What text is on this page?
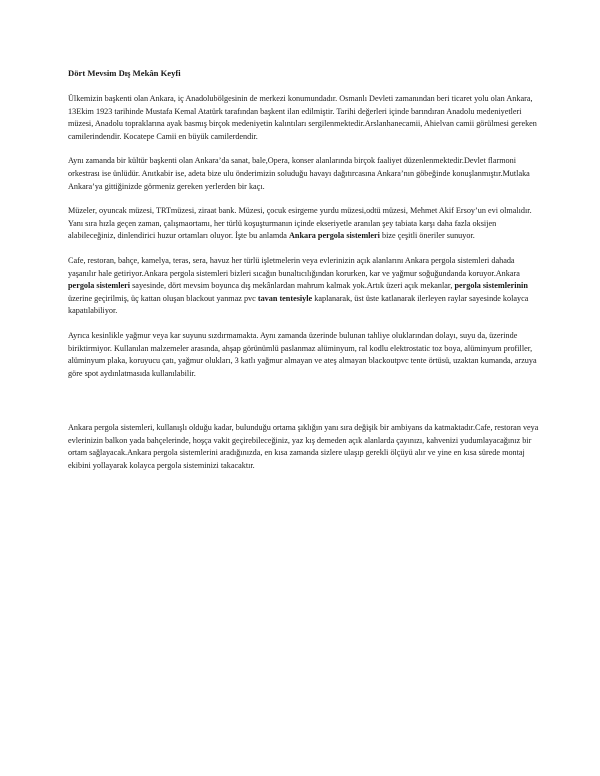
Dört Mevsim Dış Mekân Keyfi

Ülkemizin başkenti olan Ankara, iç Anadolubölgesinin de merkezi konumundadır. Osmanlı Devleti zamanından beri ticaret yolu olan Ankara, 13Ekim 1923 tarihinde Mustafa Kemal Atatürk tarafından başkent ilan edilmiştir. Tarihi değerleri içinde barındıran Anadolu medeniyetleri müzesi, Anadolu topraklarına ayak basmış birçok medeniyetin kalıntıları sergilenmektedir.Arslanhanecamii, Ahielvan camii görülmesi gereken camilerindendir. Kocatepe Camii en büyük camilerdendir.

Aynı zamanda bir kültür başkenti olan Ankara’da sanat, bale,Opera, konser alanlarında birçok faaliyet düzenlenmektedir.Devlet flarmoni orkestrası ise ünlüdür. Anıtkabir ise, adeta bize ulu önderimizin soluduğu havayı dağıtırcasına Ankara’nın göbeğinde konuşlanmıştır.Mutlaka Ankara’ya gittiğinizde görmeniz gereken yerlerden bir kaçı.

Müzeler, oyuncak müzesi, TRTmüzesi, ziraat bank. Müzesi, çocuk esirgeme yurdu müzesi,odtü müzesi, Mehmet Akif Ersoy’un evi olmalıdır. Yanı sıra hızla geçen zaman, çalışmaortamı, her türlü koşuşturmanın içinde ekseriyetle aranılan şey tabiata karşı daha fazla oksijen alabileceğiniz, dinlendirici huzur ortamları oluyor. İşte bu anlamda Ankara pergola sistemleri bize çeşitli öneriler sunuyor.

Cafe, restoran, bahçe, kamelya, teras, sera, havuz her türlü işletmelerin veya evlerinizin açık alanlarını Ankara pergola sistemleri dahada yaşanılır hale getiriyor.Ankara pergola sistemleri bizleri sıcağın bunaltıcılığından korurken, kar ve yağmur soğuğundanda koruyor.Ankara pergola sistemleri sayesinde, dört mevsim boyunca dış mekânlardan mahrum kalmak yok.Artık üzeri açık mekanlar, pergola sistemlerinin üzerine geçirilmiş, üç kattan oluşan blackout yanmaz pvc tavan tentesiyle kaplanarak, üst üste katlanarak ilerleyen raylar sayesinde kolayca kapatılabiliyor.

Ayrıca kesinlikle yağmur veya kar suyunu sızdırmamakta. Aynı zamanda üzerinde bulunan tahliye oluklarından dolayı, suyu da, üzerinde biriktirmiyor. Kullanılan malzemeler arasında, ahşap görünümlü paslanmaz alüminyum, ral kodlu elektrostatic toz boya, alüminyum profiller, alüminyum plaka, koruyucu çatı, yağmur olukları, 3 katlı yağmur almayan ve ateş almayan blackoutpvc tente örtüsü, uzaktan kumanda, arzuya göre spot aydınlatmasıda kullanılabilir.

Ankara pergola sistemleri, kullanışlı olduğu kadar, bulunduğu ortama şıklığın yanı sıra değişik bir ambiyans da katmaktadır.Cafe, restoran veya evlerinizin balkon yada bahçelerinde, hoşça vakit geçirebileceğiniz, yaz kış demeden açık alanlarda çayınızı, kahvenizi yudumlayacağınız bir ortam sağlayacak.Ankara pergola sistemlerini aradığınızda, en kısa zamanda sizlere ulaşıp gerekli ölçüyü alır ve yine en kısa sürede montaj ekibini yollayarak kolayca pergola sisteminizi takacaktır.
